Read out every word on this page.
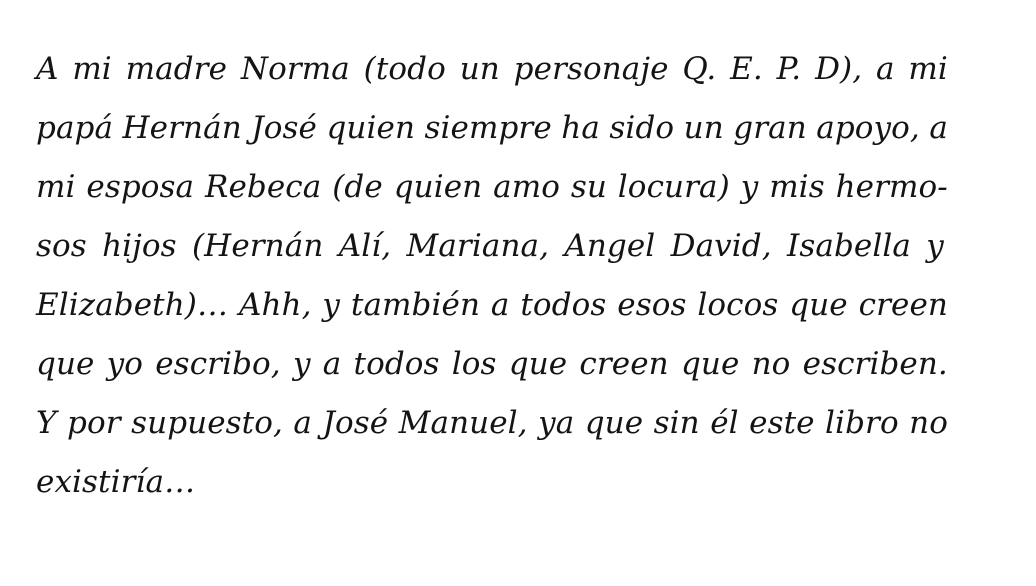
A mi madre Norma (todo un personaje Q. E. P. D), a mi
papá Hernán José quien siempre ha sido un gran apoyo, a
mi esposa Rebeca (de quien amo su locura) y mis hermo-
sos hijos (Hernán Alí, Mariana, Angel David, Isabella y
Elizabeth)… Ahh, y también a todos esos locos que creen
que yo escribo, y a todos los que creen que no escriben.
Y por supuesto, a José Manuel, ya que sin él este libro no
existiría…
